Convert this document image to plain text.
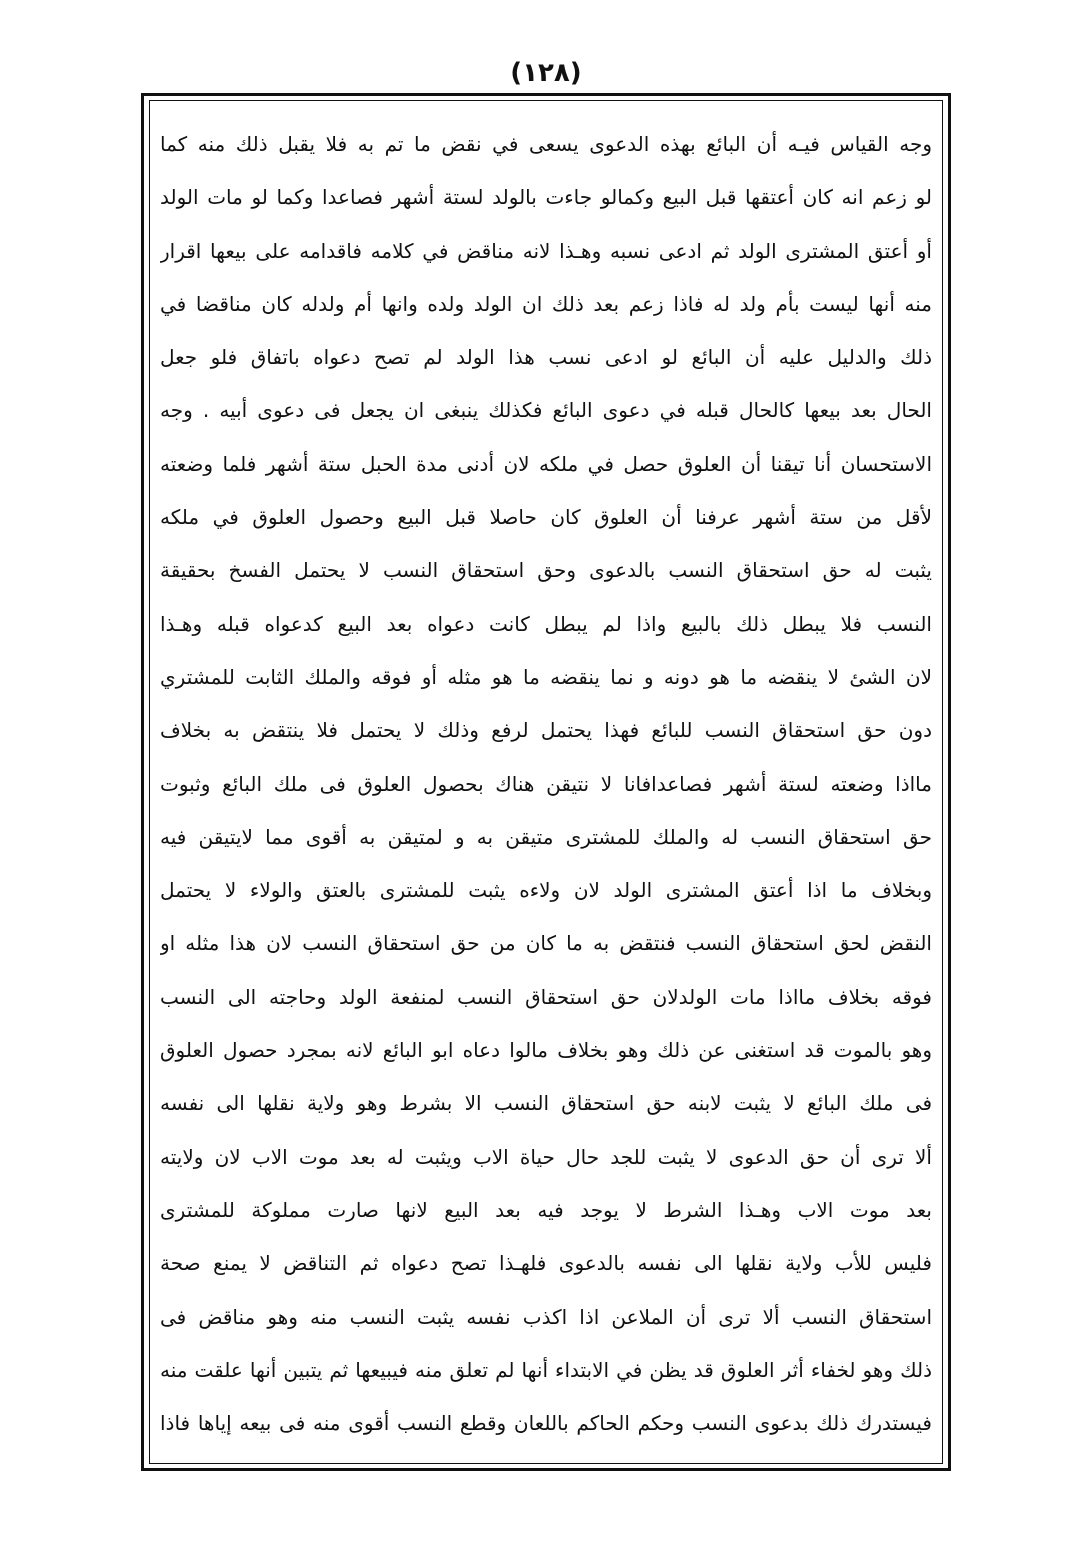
(١٢٨)
وجه القياس فيـه أن البائع بهذه الدعوى يسعى في نقض ما تم به فلا يقبل ذلك منه كما
لو زعم انه كان أعتقها قبل البيع وكمالو جاءت بالولد لستة أشهر فصاعدا وكما لو مات الولد
أو أعتق المشترى الولد ثم ادعى نسبه وهـذا لانه مناقض في كلامه فاقدامه على بيعها اقرار
منه أنها ليست بأم ولد له فاذا زعم بعد ذلك ان الولد ولده وانها أم ولدله كان مناقضا في
ذلك والدليل عليه أن البائع لو ادعى نسب هذا الولد لم تصح دعواه باتفاق فلو جعل
الحال بعد بيعها كالحال قبله في دعوى البائع فكذلك ينبغى ان يجعل فى دعوى أبيه . وجه
الاستحسان أنا تيقنا أن العلوق حصل في ملكه لان أدنى مدة الحبل ستة أشهر فلما وضعته
لأقل من ستة أشهر عرفنا أن العلوق كان حاصلا قبل البيع وحصول العلوق في ملكه
يثبت له حق استحقاق النسب بالدعوى وحق استحقاق النسب لا يحتمل الفسخ بحقيقة
النسب فلا يبطل ذلك بالبيع واذا لم يبطل كانت دعواه بعد البيع كدعواه قبله وهـذا
لان الشئ لا ينقضه ما هو دونه و نما ينقضه ما هو مثله أو فوقه والملك الثابت للمشتري
دون حق استحقاق النسب للبائع فهذا يحتمل لرفع وذلك لا يحتمل فلا ينتقض به بخلاف
مااذا وضعته لستة أشهر فصاعدافانا لا نتيقن هناك بحصول العلوق فى ملك البائع وثبوت
حق استحقاق النسب له والملك للمشترى متيقن به و لمتيقن به أقوى مما لايتيقن فيه
وبخلاف ما اذا أعتق المشترى الولد لان ولاءه يثبت للمشترى بالعتق والولاء لا يحتمل
النقض لحق استحقاق النسب فنتقض به ما كان من حق استحقاق النسب لان هذا مثله او
فوقه بخلاف مااذا مات الولدلان حق استحقاق النسب لمنفعة الولد وحاجته الى النسب
وهو بالموت قد استغنى عن ذلك وهو بخلاف مالوا دعاه ابو البائع لانه بمجرد حصول العلوق
فى ملك البائع لا يثبت لابنه حق استحقاق النسب الا بشرط وهو ولاية نقلها الى نفسه
ألا ترى أن حق الدعوى لا يثبت للجد حال حياة الاب ويثبت له بعد موت الاب لان ولايته
بعد موت الاب وهـذا الشرط لا يوجد فيه بعد البيع لانها صارت مملوكة للمشترى
فليس للأب ولاية نقلها الى نفسه بالدعوى فلهـذا تصح دعواه ثم التناقض لا يمنع صحة
استحقاق النسب ألا ترى أن الملاعن اذا اكذب نفسه يثبت النسب منه وهو مناقض فى
ذلك وهو لخفاء أثر العلوق قد يظن في الابتداء أنها لم تعلق منه فيبيعها ثم يتبين أنها علقت منه
فيستدرك ذلك بدعوى النسب وحكم الحاكم باللعان وقطع النسب أقوى منه فى بيعه إياها فاذا
